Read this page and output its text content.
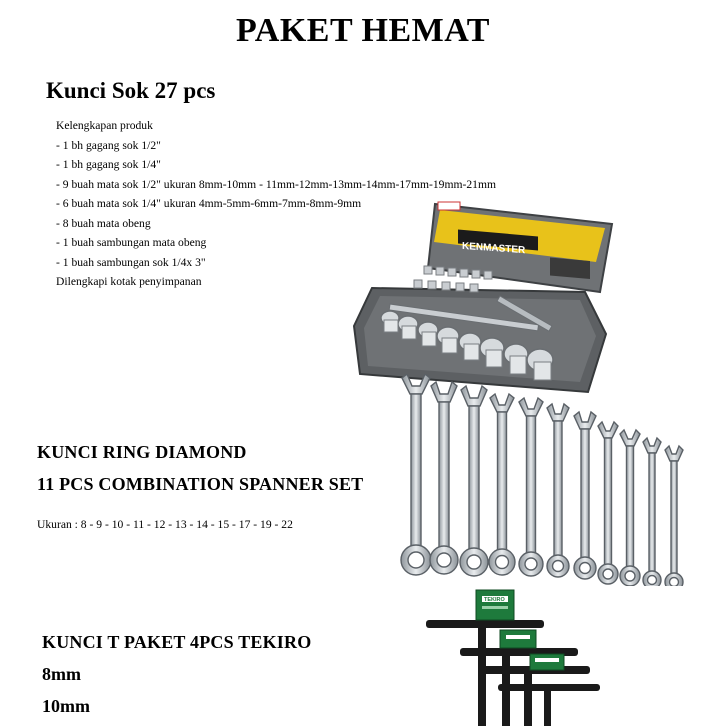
PAKET HEMAT
Kunci Sok 27 pcs
Kelengkapan produk
- 1 bh gagang sok 1/2"
- 1 bh gagang sok 1/4"
- 9 buah mata sok 1/2" ukuran 8mm-10mm - 11mm-12mm-13mm-14mm-17mm-19mm-21mm
- 6 buah mata sok 1/4" ukuran 4mm-5mm-6mm-7mm-8mm-9mm
- 8 buah mata obeng
- 1 buah sambungan mata obeng
- 1 buah sambungan sok 1/4x 3"
Dilengkapi kotak penyimpanan
KENMASTER
KUNCI RING DIAMOND
11 PCS COMBINATION SPANNER SET
Ukuran : 8 - 9 - 10 - 11 - 12 - 13 - 14 - 15 - 17 - 19 - 22
KUNCI T PAKET 4PCS TEKIRO
8mm
10mm
TEKIRO
